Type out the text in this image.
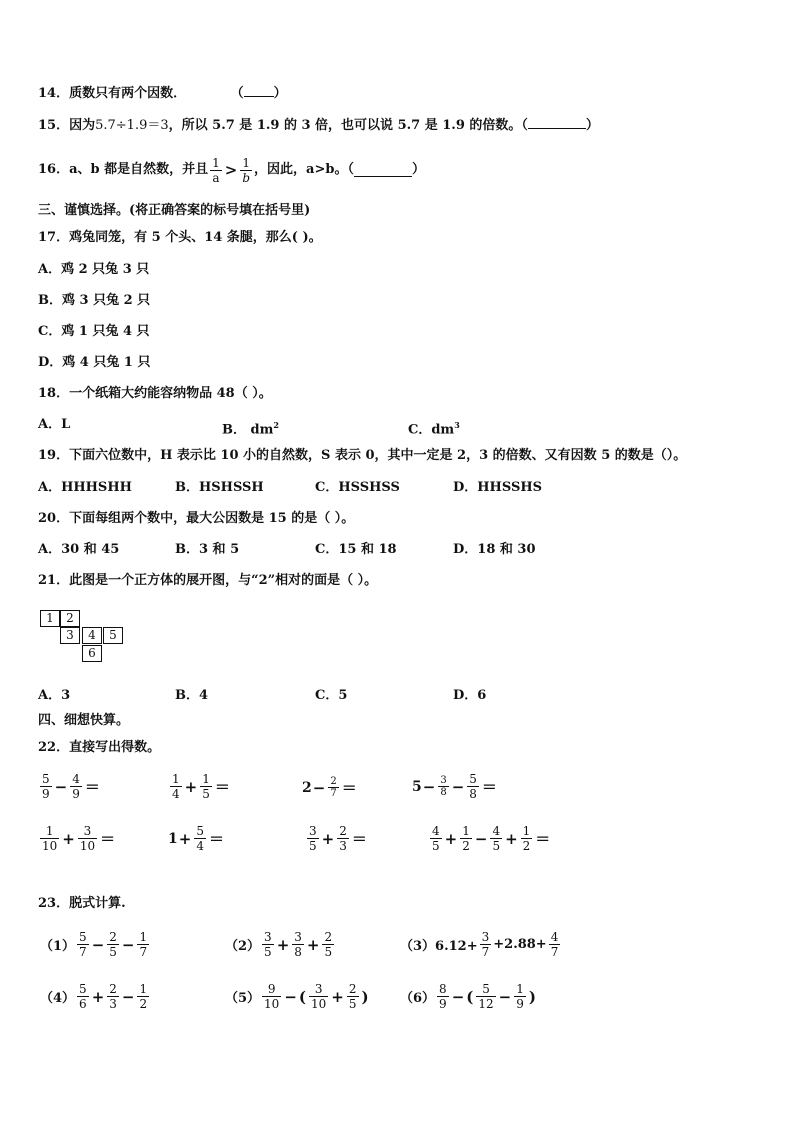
14．质数只有两个因数．	（ ）
15．因为5.7÷1.9＝3，所以 5.7 是 1.9 的 3 倍，也可以说 5.7 是 1.9 的倍数。（	）
16． a、b 都是自然数，并且 $\frac{1}{a} > \frac{1}{b}$ ，因此，a>b。（	）
三、谨慎选择。(将正确答案的标号填在括号里)
17．鸡兔同笼，有 5 个头、14 条腿，那么( )。
A．鸡 2 只兔 3 只
B．鸡 3 只兔 2 只
C．鸡 1 只兔 4 只
D．鸡 4 只兔 1 只
18．一个纸箱大约能容纳物品 48（ ）。
A．L	B． $dm^2$	C．$dm^3$
19．下面六位数中，H 表示比 10 小的自然数，S 表示 0，其中一定是 2，3 的倍数、又有因数 5 的数是（）。
A．HHHSHH	B．HSHSSH	C．HSSHSS	D．HHSSHS
20．下面每组两个数中，最大公因数是 15 的是（ ）。
A．30 和 45	B．3 和 5	C．15 和 18	D．18 和 30
21．此图是一个正方体的展开图，与“2”相对的面是（ ）。
1	2
3	4	5
6
A．3	B．4	C．5	D．6
四、细想快算。
22．直接写出得数。
$\frac{5}{9} - \frac{4}{9}$ ＝	$\frac{1}{4} + \frac{1}{5}$ ＝	$2 - \frac{2}{7}$ ＝	$5 - \frac{3}{8} - \frac{5}{8}$ ＝
$\frac{1}{10} + \frac{3}{10}$ ＝	$1 + \frac{5}{4}$ ＝	$\frac{3}{5} + \frac{2}{3}$ ＝	$\frac{4}{5} + \frac{1}{2} - \frac{4}{5} + \frac{1}{2}$ ＝
23．脱式计算.
$(1) \frac{5}{7} - \frac{2}{5} - \frac{1}{7}$	$(2) \frac{3}{5} + \frac{3}{8} + \frac{2}{5}$	$(3)6.12+ \frac{3}{7} +2.88+ \frac{4}{7}$
$(4) \frac{5}{6} + \frac{2}{3} - \frac{1}{2}$	$(5) \frac{9}{10}$ − ( $\frac{3}{10} + \frac{2}{5}$ ) $(6) \frac{8}{9}$ − ( $\frac{5}{12} - \frac{1}{9}$ )
